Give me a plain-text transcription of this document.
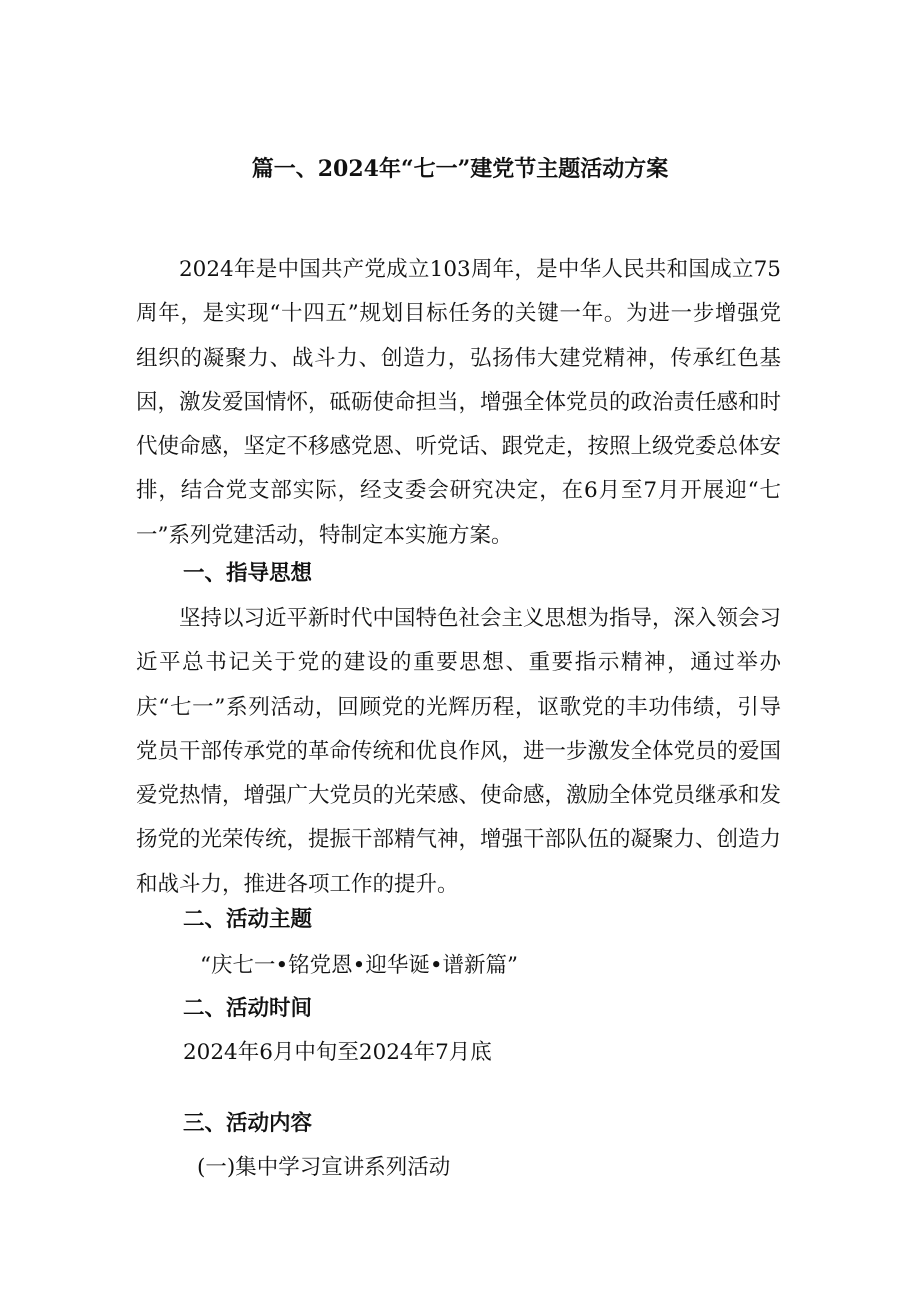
篇一、2024年“七一”建党节主题活动方案

2024年是中国共产党成立103周年，是中华人民共和国成立75周年，是实现“十四五”规划目标任务的关键一年。为进一步增强党组织的凝聚力、战斗力、创造力，弘扬伟大建党精神，传承红色基因，激发爱国情怀，砥砺使命担当，增强全体党员的政治责任感和时代使命感，坚定不移感党恩、听党话、跟党走，按照上级党委总体安排，结合党支部实际，经支委会研究决定，在6月至7月开展迎“七一”系列党建活动，特制定本实施方案。

一、指导思想

坚持以习近平新时代中国特色社会主义思想为指导，深入领会习近平总书记关于党的建设的重要思想、重要指示精神，通过举办庆“七一”系列活动，回顾党的光辉历程，讴歌党的丰功伟绩，引导党员干部传承党的革命传统和优良作风，进一步激发全体党员的爱国爱党热情，增强广大党员的光荣感、使命感，激励全体党员继承和发扬党的光荣传统，提振干部精气神，增强干部队伍的凝聚力、创造力和战斗力，推进各项工作的提升。

二、活动主题

“庆七一•铭党恩•迎华诞•谱新篇”

二、活动时间

2024年6月中旬至2024年7月底

三、活动内容

(一)集中学习宣讲系列活动
